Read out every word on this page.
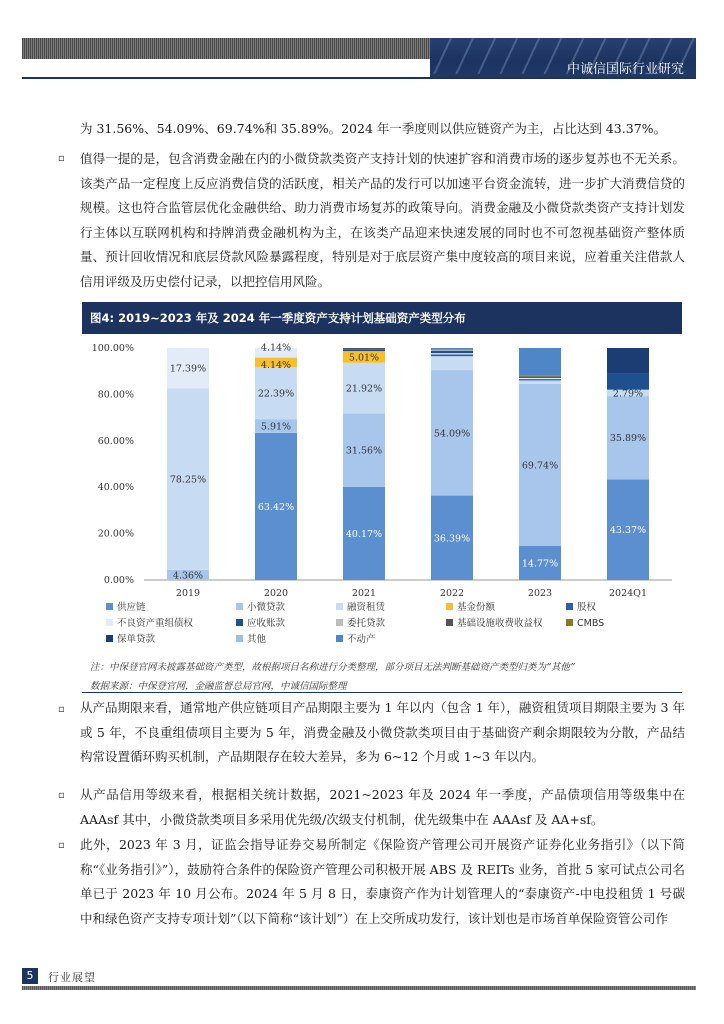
中诚信国际行业研究

为 31.56%、54.09%、69.74%和 35.89%。2024 年一季度则以供应链资产为主，占比达到 43.37%。

▫ 值得一提的是，包含消费金融在内的小微贷款类资产支持计划的快速扩容和消费市场的逐步复苏也不无关系。该类产品一定程度上反应消费信贷的活跃度，相关产品的发行可以加速平台资金流转，进一步扩大消费信贷的规模。这也符合监管层优化金融供给、助力消费市场复苏的政策导向。消费金融及小微贷款类资产支持计划发行主体以互联网机构和持牌消费金融机构为主，在该类产品迎来快速发展的同时也不可忽视基础资产整体质量、预计回收情况和底层贷款风险暴露程度，特别是对于底层资产集中度较高的项目来说，应着重关注借款人信用评级及历史偿付记录，以把控信用风险。

图4: 2019~2023 年及 2024 年一季度资产支持计划基础资产类型分布
0.00%
20.00%
40.00%
60.00%
80.00%
100.00%
2019	2020	2021	2022	2023	2024Q1
4.36%
78.25%
17.39%
63.42%
5.91%
22.39%
4.14%
4.14%
40.17%
31.56%
21.92%
5.01%
36.39%
54.09%
14.77%
69.74%
43.37%
35.89%
2.79%
供应链	小微贷款	融资租赁	基金份额	股权
不良资产重组债权	应收账款	委托贷款	基础设施收费收益权	CMBS
保单贷款	其他	不动产
注：中保登官网未披露基础资产类型，故根据项目名称进行分类整理，部分项目无法判断基础资产类型归类为“其他”
数据来源：中保登官网，金融监督总局官网，中诚信国际整理
▫ 从产品期限来看，通常地产供应链项目产品期限主要为 1 年以内（包含 1 年），融资租赁项目期限主要为 3 年或 5 年，不良重组债项目主要为 5 年，消费金融及小微贷款类项目由于基础资产剩余期限较为分散，产品结构常设置循环购买机制，产品期限存在较大差异，多为 6~12 个月或 1~3 年以内。

▫ 从产品信用等级来看，根据相关统计数据，2021~2023 年及 2024 年一季度，产品债项信用等级集中在 AAAsf 其中，小微贷款类项目多采用优先级/次级支付机制，优先级集中在 AAAsf 及 AA+sf。

▫ 此外，2023 年 3 月，证监会指导证券交易所制定《保险资产管理公司开展资产证券化业务指引》（以下简称“《业务指引》”），鼓励符合条件的保险资产管理公司积极开展 ABS 及 REITs 业务，首批 5 家可试点公司名单已于 2023 年 10 月公布。2024 年 5 月 8 日，泰康资产作为计划管理人的“泰康资产-中电投租赁 1 号碳中和绿色资产支持专项计划”（以下简称“该计划”）在上交所成功发行，该计划也是市场首单保险资管公司作

5	行业展望
